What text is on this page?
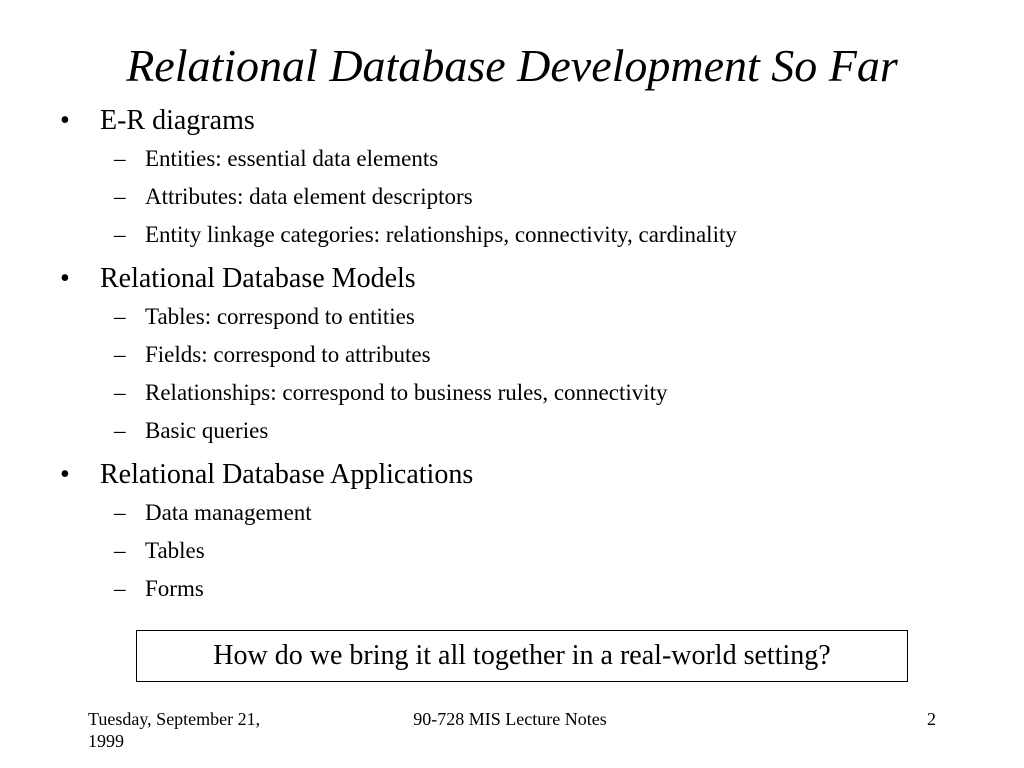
Relational Database Development So Far
• E-R diagrams
– Entities: essential data elements
– Attributes: data element descriptors
– Entity linkage categories: relationships, connectivity, cardinality
• Relational Database Models
– Tables: correspond to entities
– Fields: correspond to attributes
– Relationships: correspond to business rules, connectivity
– Basic queries
• Relational Database Applications
– Data management
– Tables
– Forms
How do we bring it all together in a real-world setting?
Tuesday, September 21,
1999
90-728 MIS Lecture Notes	2
